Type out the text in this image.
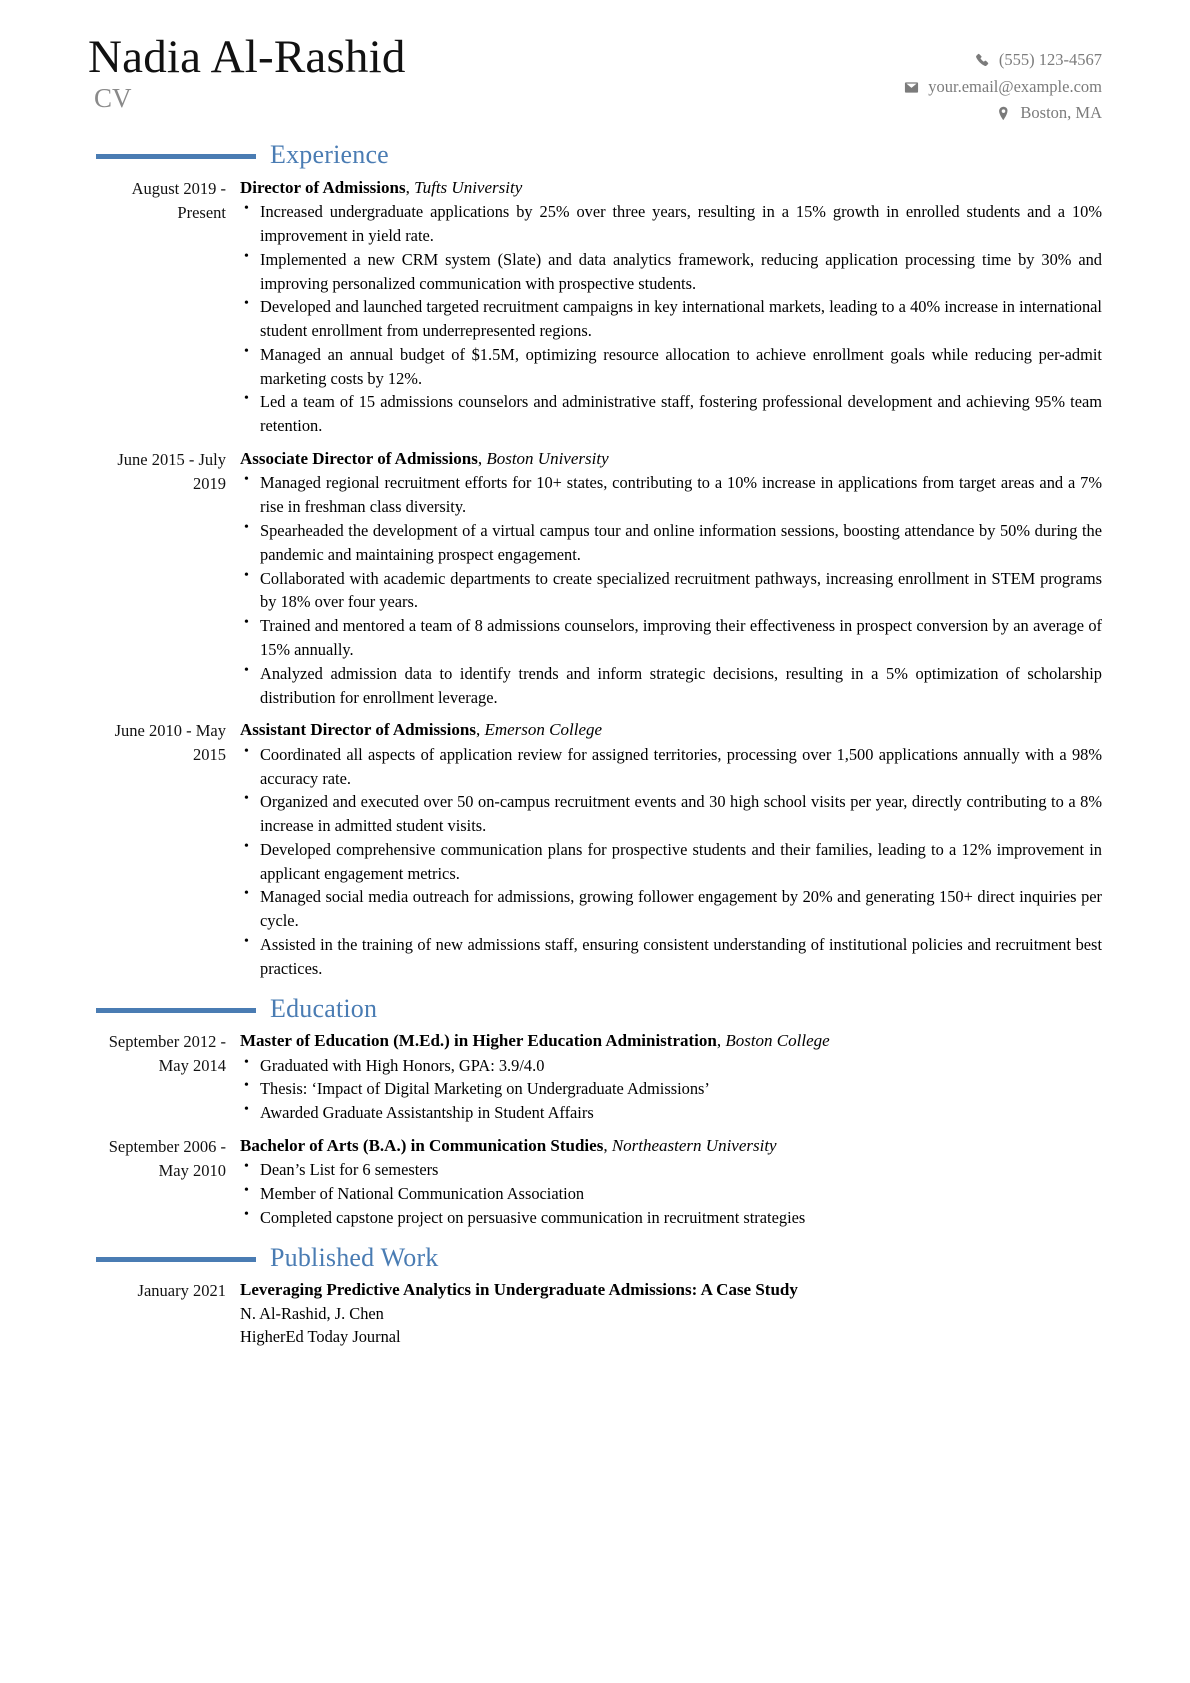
Nadia Al-Rashid
CV
(555) 123-4567
your.email@example.com
Boston, MA
Experience
August 2019 - Present
Director of Admissions, Tufts University
• Increased undergraduate applications by 25% over three years, resulting in a 15% growth in enrolled students and a 10% improvement in yield rate.
• Implemented a new CRM system (Slate) and data analytics framework, reducing application processing time by 30% and improving personalized communication with prospective students.
• Developed and launched targeted recruitment campaigns in key international markets, leading to a 40% increase in international student enrollment from underrepresented regions.
• Managed an annual budget of $1.5M, optimizing resource allocation to achieve enrollment goals while reducing per-admit marketing costs by 12%.
• Led a team of 15 admissions counselors and administrative staff, fostering professional development and achieving 95% team retention.
June 2015 - July 2019
Associate Director of Admissions, Boston University
• Managed regional recruitment efforts for 10+ states, contributing to a 10% increase in applications from target areas and a 7% rise in freshman class diversity.
• Spearheaded the development of a virtual campus tour and online information sessions, boosting attendance by 50% during the pandemic and maintaining prospect engagement.
• Collaborated with academic departments to create specialized recruitment pathways, increasing enrollment in STEM programs by 18% over four years.
• Trained and mentored a team of 8 admissions counselors, improving their effectiveness in prospect conversion by an average of 15% annually.
• Analyzed admission data to identify trends and inform strategic decisions, resulting in a 5% optimization of scholarship distribution for enrollment leverage.
June 2010 - May 2015
Assistant Director of Admissions, Emerson College
• Coordinated all aspects of application review for assigned territories, processing over 1,500 applications annually with a 98% accuracy rate.
• Organized and executed over 50 on-campus recruitment events and 30 high school visits per year, directly contributing to a 8% increase in admitted student visits.
• Developed comprehensive communication plans for prospective students and their families, leading to a 12% improvement in applicant engagement metrics.
• Managed social media outreach for admissions, growing follower engagement by 20% and generating 150+ direct inquiries per cycle.
• Assisted in the training of new admissions staff, ensuring consistent understanding of institutional policies and recruitment best practices.
Education
September 2012 - May 2014
Master of Education (M.Ed.) in Higher Education Administration, Boston College
• Graduated with High Honors, GPA: 3.9/4.0
• Thesis: ‘Impact of Digital Marketing on Undergraduate Admissions’
• Awarded Graduate Assistantship in Student Affairs
September 2006 - May 2010
Bachelor of Arts (B.A.) in Communication Studies, Northeastern University
• Dean’s List for 6 semesters
• Member of National Communication Association
• Completed capstone project on persuasive communication in recruitment strategies
Published Work
January 2021 Leveraging Predictive Analytics in Undergraduate Admissions: A Case Study
N. Al-Rashid, J. Chen
HigherEd Today Journal
